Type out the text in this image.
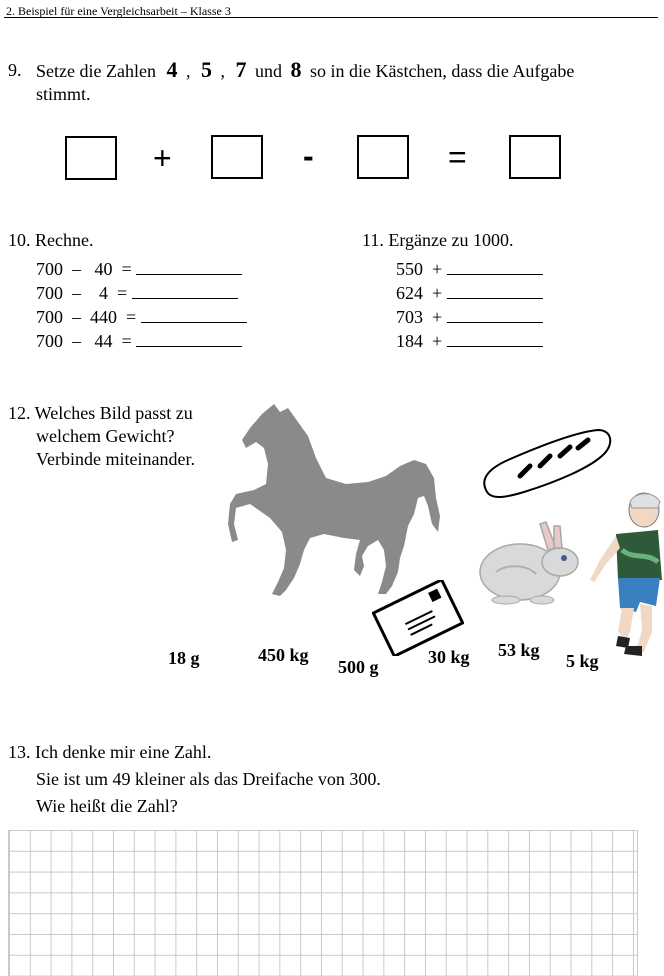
2. Beispiel für eine Vergleichsarbeit – Klasse 3
9. Setze die Zahlen 4 , 5 , 7 und 8 so in die Kästchen, dass die Aufgabe
stimmt.
+	-	=
10. Rechne.
700  –   40  =
700  –    4  =
700  –  440  =
700  –   44  =
11. Ergänze zu 1000.
550  +
624  +
703  +
184  +
12. Welches Bild passt zu
welchem Gewicht?
Verbinde miteinander.
18 g	450 kg
500 g	30 kg 53 kg
5 kg
13. Ich denke mir eine Zahl.
Sie ist um 49 kleiner als das Dreifache von 300.
Wie heißt die Zahl?
